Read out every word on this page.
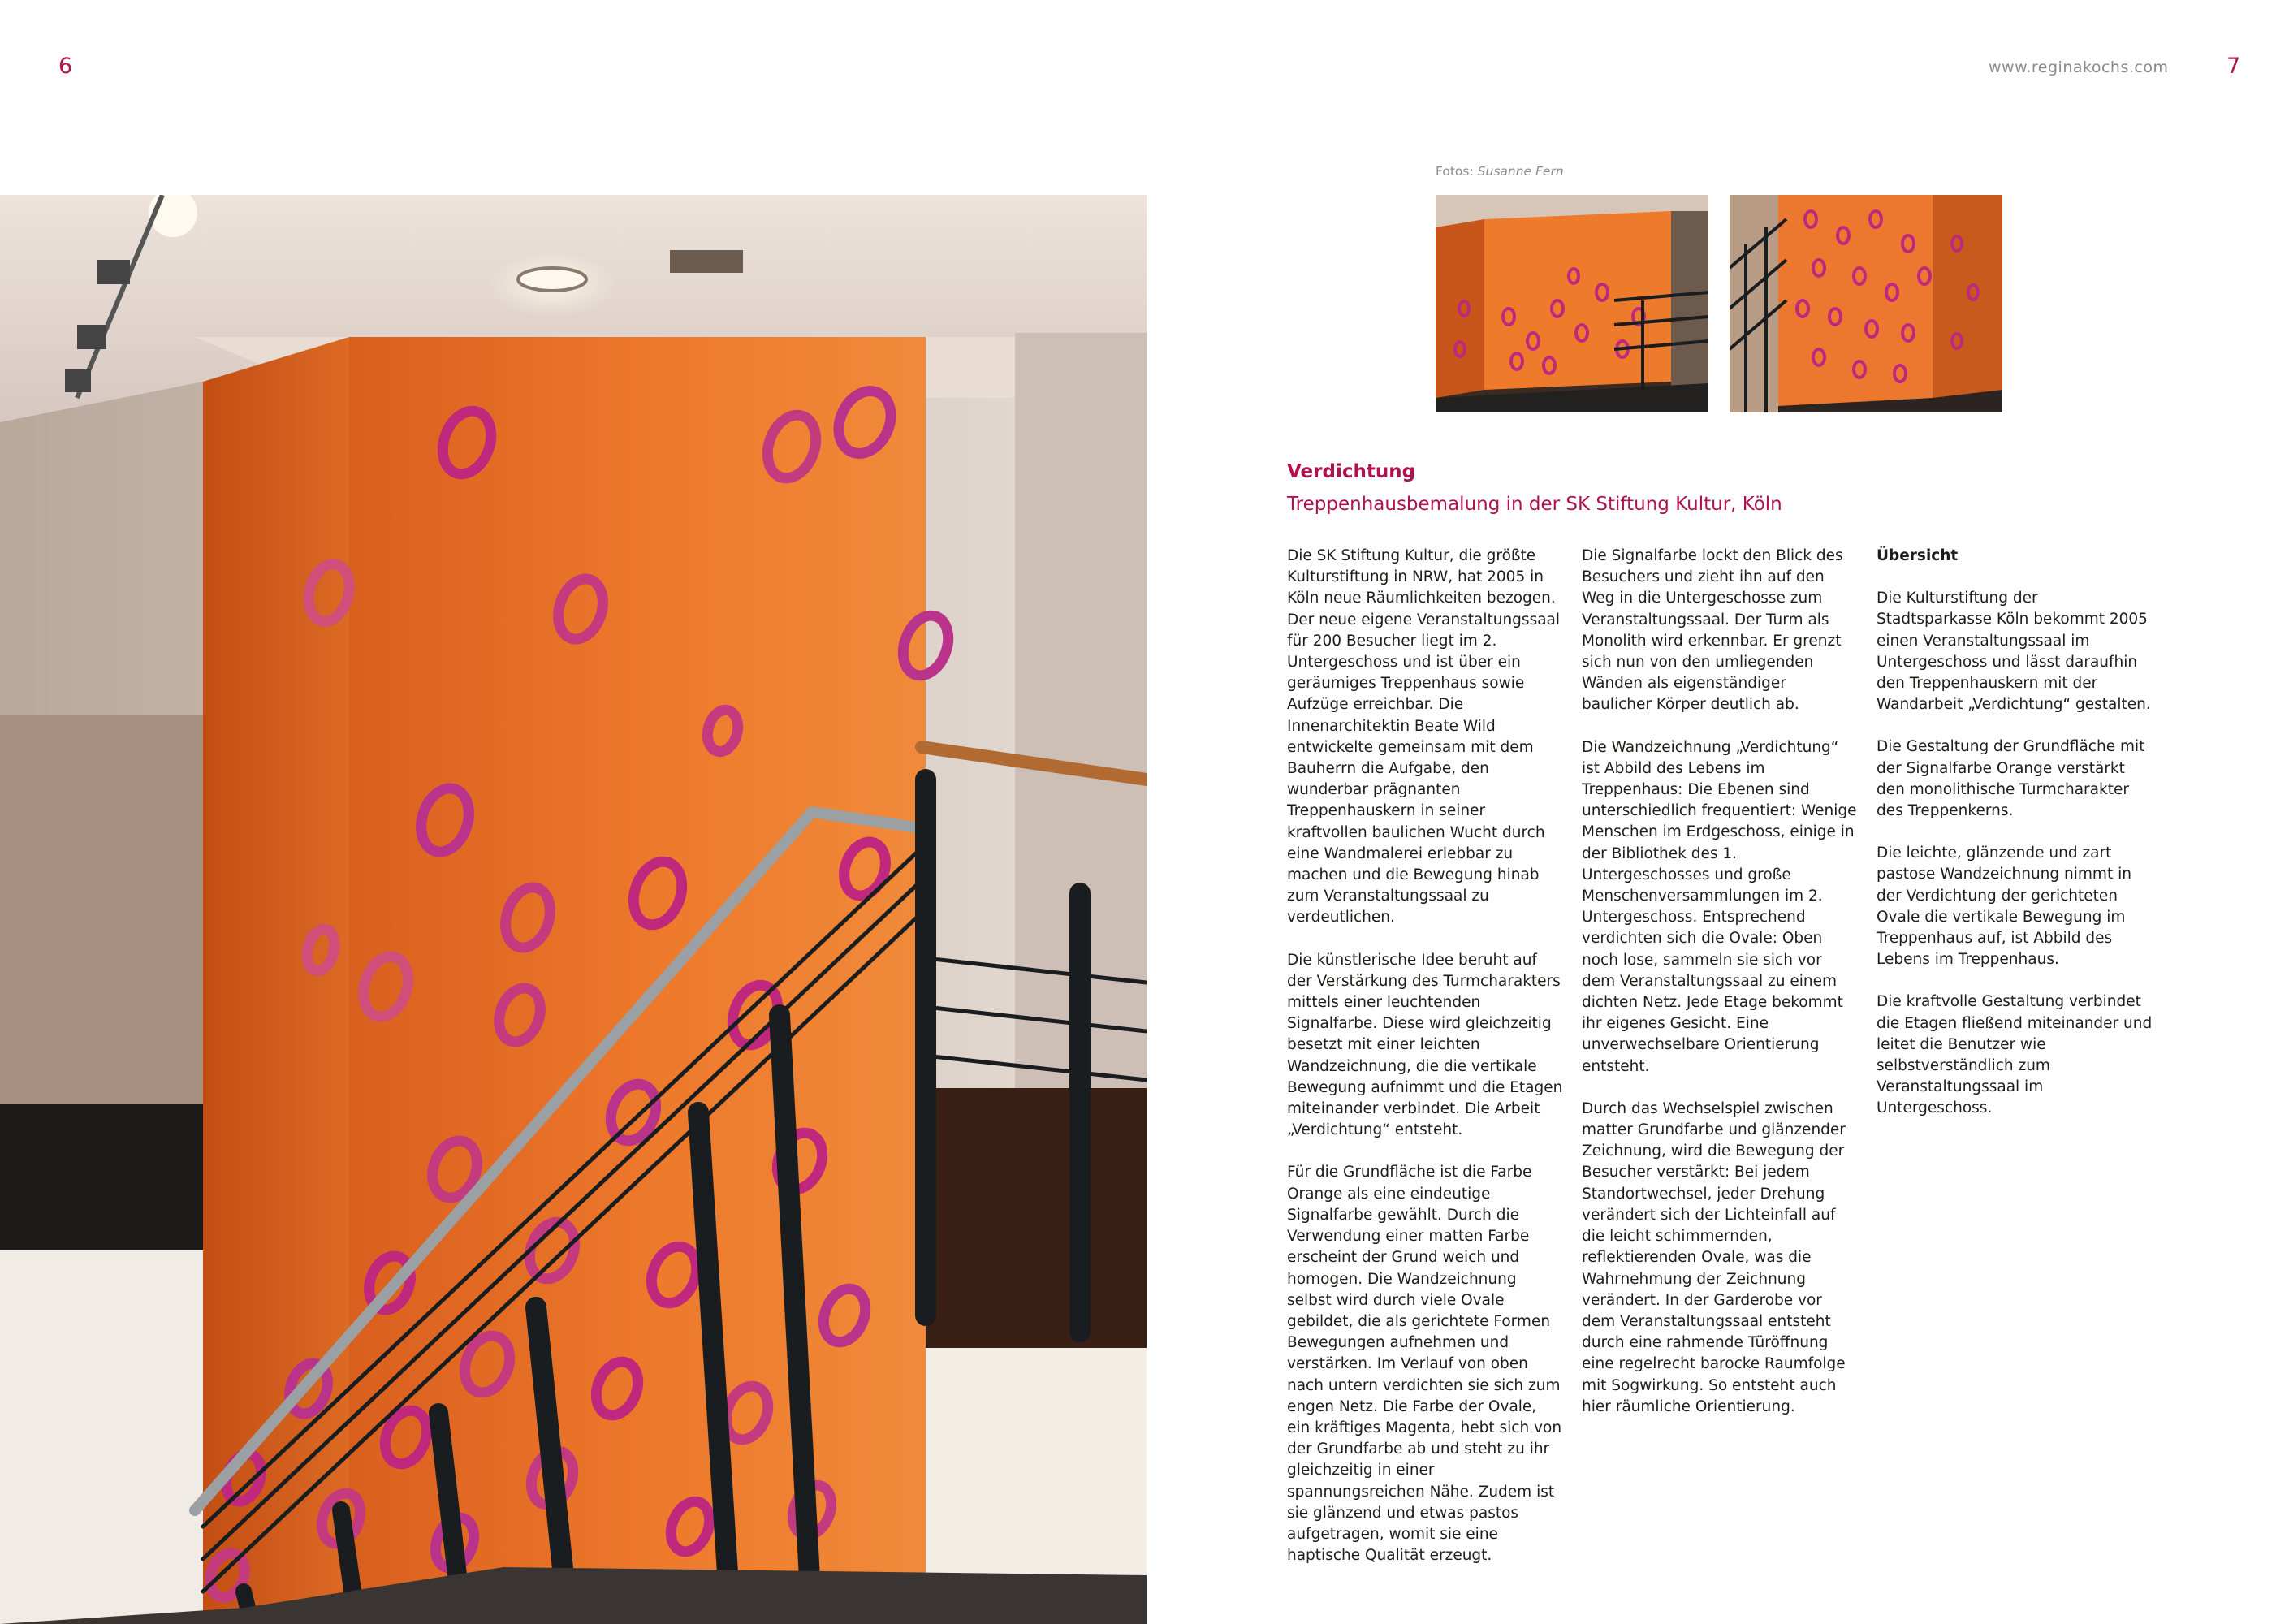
6	www.reginakochs.com	7
Fotos: Susanne Fern
Verdichtung
Treppenhausbemalung in der SK Stiftung Kultur, Köln

Die SK Stiftung Kultur, die größte Kulturstiftung in NRW, hat 2005 in Köln neue Räumlichkeiten bezogen. Der neue eigene Veranstaltungssaal für 200 Besucher liegt im 2. Untergeschoss und ist über ein geräumiges Treppenhaus sowie Aufzüge erreichbar. Die Innenarchitektin Beate Wild entwickelte gemeinsam mit dem Bauherrn die Aufgabe, den wunderbar prägnanten Treppenhauskern in seiner kraftvollen baulichen Wucht durch eine Wandmalerei erlebbar zu machen und die Bewegung hinab zum Veranstaltungssaal zu verdeutlichen.

Die künstlerische Idee beruht auf der Verstärkung des Turmcharakters mittels einer leuchtenden Signalfarbe. Diese wird gleichzeitig besetzt mit einer leichten Wandzeichnung, die die vertikale Bewegung aufnimmt und die Etagen miteinander verbindet. Die Arbeit „Verdichtung“ entsteht.

Für die Grundfläche ist die Farbe Orange als eine eindeutige Signalfarbe gewählt. Durch die Verwendung einer matten Farbe erscheint der Grund weich und homogen. Die Wandzeichnung selbst wird durch viele Ovale gebildet, die als gerichtete Formen Bewegungen aufnehmen und verstärken. Im Verlauf von oben nach untern verdichten sie sich zum engen Netz. Die Farbe der Ovale, ein kräftiges Magenta, hebt sich von der Grundfarbe ab und steht zu ihr gleichzeitig in einer spannungsreichen Nähe. Zudem ist sie glänzend und etwas pastos aufgetragen, womit sie eine haptische Qualität erzeugt.

Die Signalfarbe lockt den Blick des Besuchers und zieht ihn auf den Weg in die Untergeschosse zum Veranstaltungssaal. Der Turm als Monolith wird erkennbar. Er grenzt sich nun von den umliegenden Wänden als eigenständiger baulicher Körper deutlich ab.

Die Wandzeichnung „Verdichtung“ ist Abbild des Lebens im Treppenhaus: Die Ebenen sind unterschiedlich frequentiert: Wenige Menschen im Erdgeschoss, einige in der Bibliothek des 1. Untergeschosses und große Menschenversammlungen im 2. Untergeschoss. Entsprechend verdichten sich die Ovale: Oben noch lose, sammeln sie sich vor dem Veranstaltungssaal zu einem dichten Netz. Jede Etage bekommt ihr eigenes Gesicht. Eine unverwechselbare Orientierung entsteht.

Durch das Wechselspiel zwischen matter Grundfarbe und glänzender Zeichnung, wird die Bewegung der Besucher verstärkt: Bei jedem Standortwechsel, jeder Drehung verändert sich der Lichteinfall auf die leicht schimmernden, reflektierenden Ovale, was die Wahrnehmung der Zeichnung verändert. In der Garderobe vor dem Veranstaltungssaal entsteht durch eine rahmende Türöffnung eine regelrecht barocke Raumfolge mit Sogwirkung. So entsteht auch hier räumliche Orientierung.

Übersicht

Die Kulturstiftung der Stadtsparkasse Köln bekommt 2005 einen Veranstaltungssaal im Untergeschoss und lässt daraufhin den Treppenhauskern mit der Wandarbeit „Verdichtung“ gestalten.

Die Gestaltung der Grundfläche mit der Signalfarbe Orange verstärkt den monolithische Turmcharakter des Treppenkerns.

Die leichte, glänzende und zart pastose Wandzeichnung nimmt in der Verdichtung der gerichteten Ovale die vertikale Bewegung im Treppenhaus auf, ist Abbild des Lebens im Treppenhaus.

Die kraftvolle Gestaltung verbindet die Etagen fließend miteinander und leitet die Benutzer wie selbstverständlich zum Veranstaltungssaal im Untergeschoss.
